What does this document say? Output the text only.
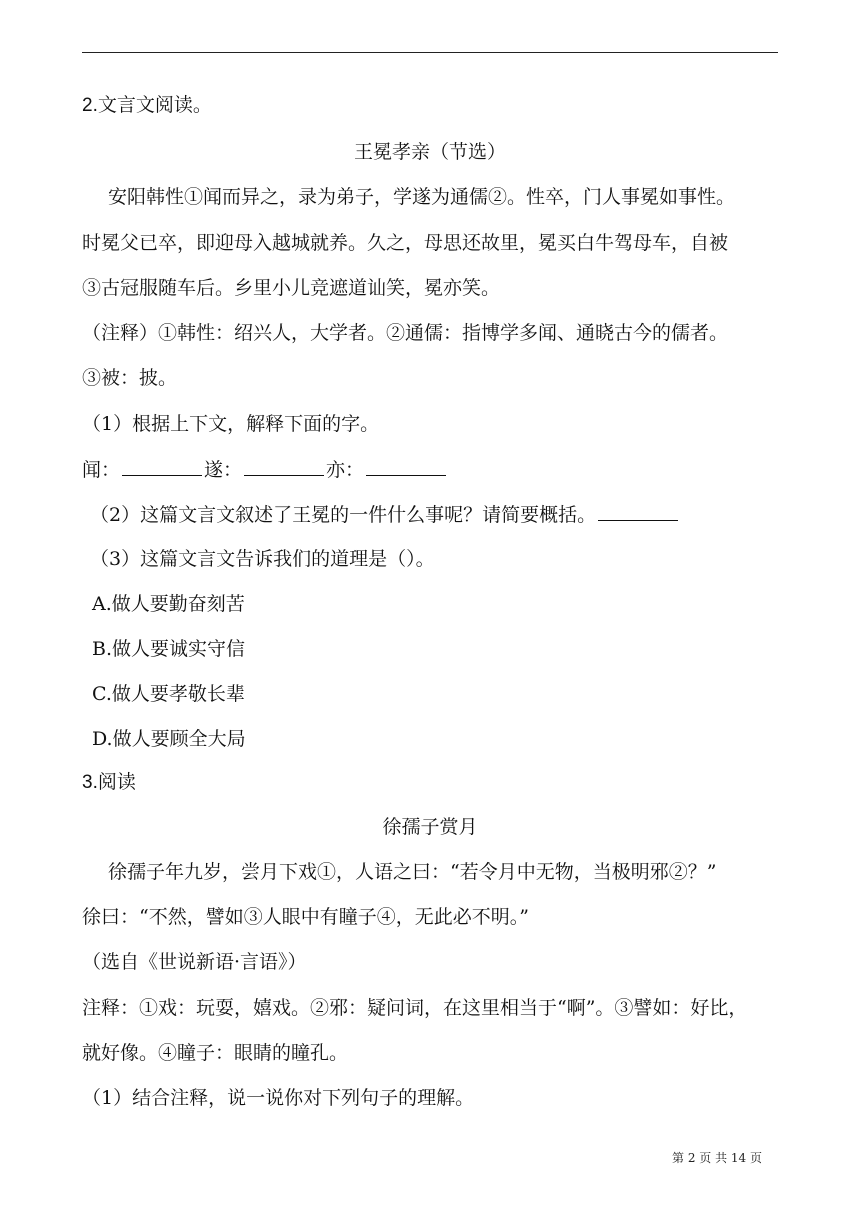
2.文言文阅读。
王冕孝亲（节选）
安阳韩性①闻而异之，录为弟子，学遂为通儒②。性卒，门人事冕如事性。
时冕父已卒，即迎母入越城就养。久之，母思还故里，冕买白牛驾母车，自被
③古冠服随车后。乡里小儿竞遮道讪笑，冕亦笑。
（注释）①韩性：绍兴人，大学者。②通儒：指博学多闻、通晓古今的儒者。
③被：披。
（1）根据上下文，解释下面的字。
闻：	遂：	亦：
（2）这篇文言文叙述了王冕的一件什么事呢？请简要概括。
（3）这篇文言文告诉我们的道理是（）。
A.做人要勤奋刻苦
B.做人要诚实守信
C.做人要孝敬长辈
D.做人要顾全大局
3.阅读
徐孺子赏月
徐孺子年九岁，尝月下戏①，人语之曰：“若令月中无物，当极明邪②？”
徐曰：“不然，譬如③人眼中有瞳子④，无此必不明。”
（选自《世说新语·言语》）
注释：①戏：玩耍，嬉戏。②邪：疑问词，在这里相当于“啊”。③譬如：好比，
就好像。④瞳子：眼睛的瞳孔。
（1）结合注释，说一说你对下列句子的理解。
第 2 页 共 14 页
